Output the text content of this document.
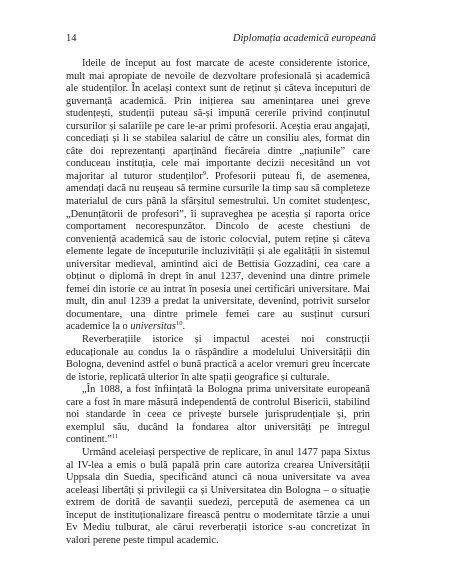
14	Diplomația academică europeană

Ideile de început au fost marcate de aceste considerente istorice, mult mai apropiate de nevoile de dezvoltare profesională și academică ale studenților. În același context sunt de reținut și câteva începuturi de guvernanță academică. Prin inițierea sau amenințarea unei greve studențești, studenții puteau să-și impună cererile privind conținutul cursurilor și salariile pe care le-ar primi profesorii. Aceștia erau angajați, concediați și li se stabilea salariul de către un consiliu ales, format din câte doi reprezentanți aparținând fiecăreia dintre „națiunile” care conduceau instituția, cele mai importante decizii necesitând un vot majoritar al tuturor studenților$^9$. Profesorii puteau fi, de asemenea, amendați dacă nu reușeau să termine cursurile la timp sau să completeze materialul de curs până la sfârșitul semestrului. Un comitet studențesc, „Denunțătorii de profesori”, îi supraveghea pe aceștia și raporta orice comportament necorespunzător. Dincolo de aceste chestiuni de conveniență academică sau de istoric colocvial, putem reține și câteva elemente legate de începuturile incluzivității și ale egalității în sistemul universitar medieval, amintind aici de Bettisia Gozzadini, cea care a obținut o diplomă în drept în anul 1237, devenind una dintre primele femei din istorie ce au intrat în posesia unei certificări universitare. Mai mult, din anul 1239 a predat la universitate, devenind, potrivit surselor documentare, una dintre primele femei care au susținut cursuri academice la o universitas$^{10}$.

Reverberațiile istorice și impactul acestei noi construcții educaționale au condus la o răspândire a modelului Universității din Bologna, devenind astfel o bună practică a acelor vremuri greu încercate de istorie, replicată ulterior în alte spații geografice și culturale.

„În 1088, a fost înființată la Bologna prima universitate europeană care a fost în mare măsură independentă de controlul Bisericii, stabilind noi standarde în ceea ce privește bursele jurisprudențiale și, prin exemplul său, ducând la fondarea altor universități pe întregul continent.”$^{11}$

Urmând aceleiași perspective de replicare, în anul 1477 papa Sixtus al IV-lea a emis o bulă papală prin care autoriza crearea Universității Uppsala din Suedia, specificând atunci că noua universitate va avea aceleași libertăți și privilegii ca și Universitatea din Bologna – o situație extrem de dorită de savanții suedezi, percepută de asemenea ca un început de instituționalizare firească pentru o modernitate târzie a unui Ev Mediu tulburat, ale cărui reverberații istorice s-au concretizat în valori perene peste timpul academic.
